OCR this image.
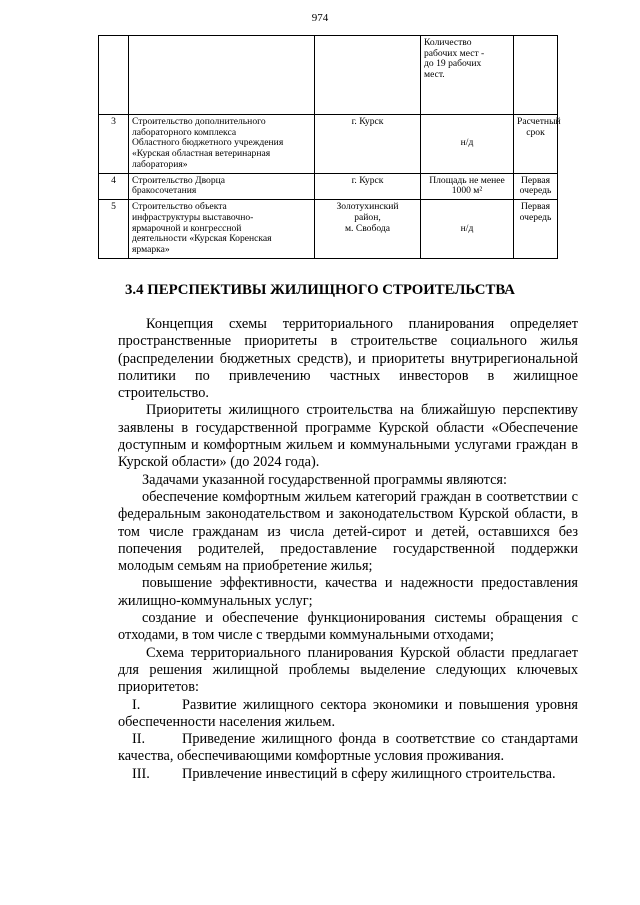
974
			Количество
рабочих мест -
до 19 рабочих
мест.	
3	Строительство дополнительного
лабораторного комплекса
Областного бюджетного учреждения
«Курская областная ветеринарная
лаборатория»	г. Курск	н/д	Расчетный
срок
4	Строительство Дворца
бракосочетания	г. Курск	Площадь не менее
1000 м²	Первая
очередь
5	Строительство объекта
инфраструктуры выставочно-
ярмарочной и конгрессной
деятельности «Курская Коренская
ярмарка»	Золотухинский
район,
м. Свобода	н/д	Первая
очередь
3.4 ПЕРСПЕКТИВЫ ЖИЛИЩНОГО СТРОИТЕЛЬСТВА

Концепция схемы территориального планирования определяет пространственные приоритеты в строительстве социального жилья (распределении бюджетных средств), и приоритеты внутрирегиональной политики по привлечению частных инвесторов в жилищное строительство.

Приоритеты жилищного строительства на ближайшую перспективу заявлены в государственной программе Курской области «Обеспечение доступным и комфортным жильем и коммунальными услугами граждан в Курской области» (до 2024 года).

Задачами указанной государственной программы являются:

обеспечение комфортным жильем категорий граждан в соответствии с федеральным законодательством и законодательством Курской области, в том числе гражданам из числа детей-сирот и детей, оставшихся без попечения родителей, предоставление государственной поддержки молодым семьям на приобретение жилья;

повышение эффективности, качества и надежности предоставления жилищно-коммунальных услуг;

создание и обеспечение функционирования системы обращения с отходами, в том числе с твердыми коммунальными отходами;

Схема территориального планирования Курской области предлагает для решения жилищной проблемы выделение следующих ключевых приоритетов:

I.	Развитие жилищного сектора экономики и повышения уровня обеспеченности населения жильем.

II.	Приведение жилищного фонда в соответствие со стандартами качества, обеспечивающими комфортные условия проживания.

III. Привлечение инвестиций в сферу жилищного строительства.
